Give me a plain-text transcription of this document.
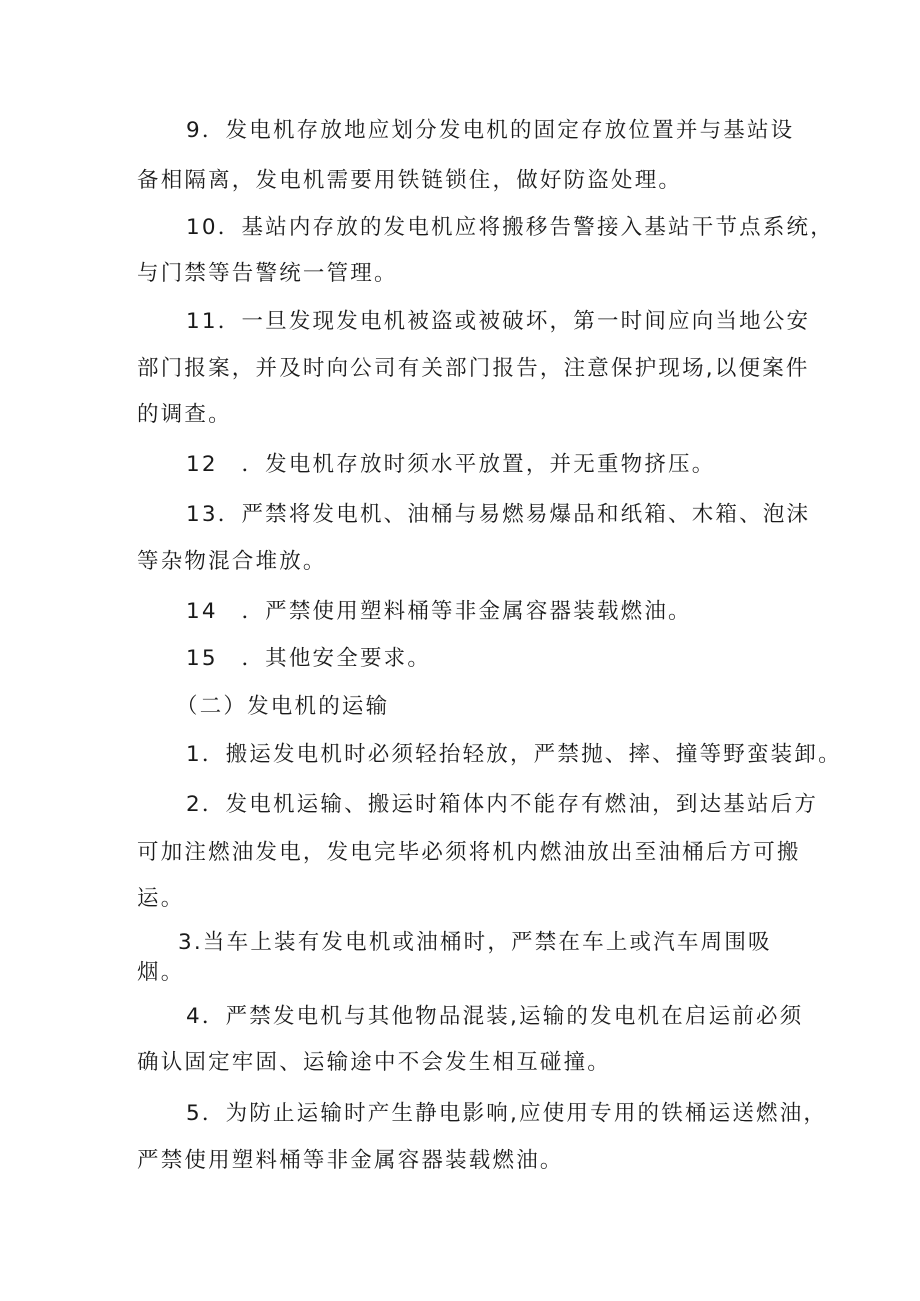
9．发电机存放地应划分发电机的固定存放位置并与基站设

备相隔离，发电机需要用铁链锁住，做好防盗处理。

10．基站内存放的发电机应将搬移告警接入基站干节点系统，

与门禁等告警统一管理。

11．一旦发现发电机被盗或被破坏，第一时间应向当地公安

部门报案，并及时向公司有关部门报告，注意保护现场,以便案件

的调查。

12　．发电机存放时须水平放置，并无重物挤压。

13．严禁将发电机、油桶与易燃易爆品和纸箱、木箱、泡沫

等杂物混合堆放。

14　．严禁使用塑料桶等非金属容器装载燃油。

15　．其他安全要求。

（二）发电机的运输

1．搬运发电机时必须轻抬轻放，严禁抛、摔、撞等野蛮装卸。

2．发电机运输、搬运时箱体内不能存有燃油，到达基站后方

可加注燃油发电，发电完毕必须将机内燃油放出至油桶后方可搬

运。

3.当车上装有发电机或油桶时，严禁在车上或汽车周围吸

烟。

4．严禁发电机与其他物品混装,运输的发电机在启运前必须

确认固定牢固、运输途中不会发生相互碰撞。

5．为防止运输时产生静电影响,应使用专用的铁桶运送燃油，

严禁使用塑料桶等非金属容器装载燃油。
